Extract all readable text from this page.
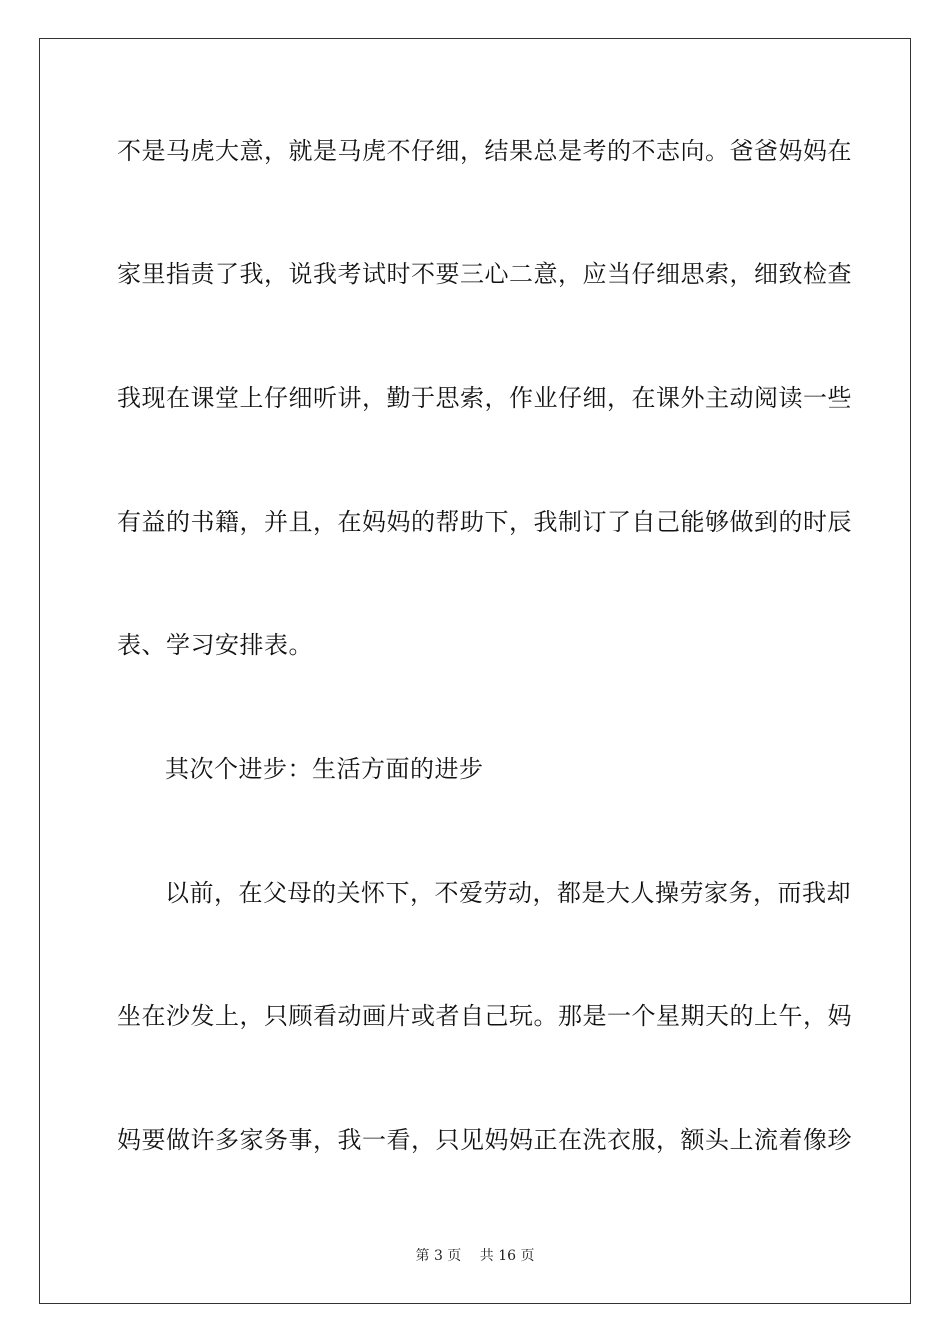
不是马虎大意，就是马虎不仔细，结果总是考的不志向。爸爸妈妈在
家里指责了我，说我考试时不要三心二意，应当仔细思索，细致检查
我现在课堂上仔细听讲，勤于思索，作业仔细，在课外主动阅读一些
有益的书籍，并且，在妈妈的帮助下，我制订了自己能够做到的时辰
表、学习安排表。
其次个进步：生活方面的进步
以前，在父母的关怀下，不爱劳动，都是大人操劳家务，而我却
坐在沙发上，只顾看动画片或者自己玩。那是一个星期天的上午，妈
妈要做许多家务事，我一看，只见妈妈正在洗衣服，额头上流着像珍
第 3 页 共 16 页
